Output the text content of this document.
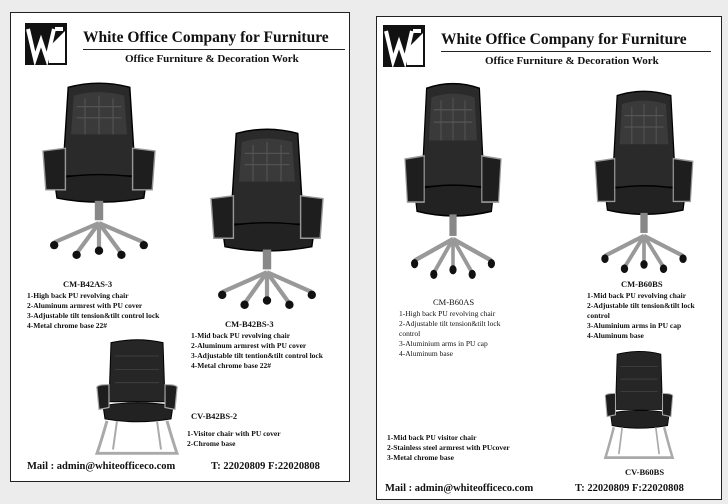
White Office Company for Furniture
Office Furniture & Decoration Work
CM-B42AS-3
1-High back PU revolving chair
2-Aluminum armrest with PU cover
3-Adjustable tilt tension&tilt control lock
4-Metal chrome base 22#	CM-B42BS-3
1-Mid back PU revolving chair
2-Aluminum armrest with PU cover
3-Adjustable tilt tention&tilt control lock
4-Metal chrome base 22#
CV-B42BS-2
1-Visitor chair with PU cover
2-Chrome base
Mail : admin@whiteofficeco.com	T: 22020809 F:22020808
White Office Company for Furniture
Office Furniture & Decoration Work
CM-B60AS
1-High back PU revolving chair
2-Adjustable tilt tension&tilt lock
control
3-Aluminium arms in PU cap
4-Aluminum base
CM-B60BS
1-Mid back PU revolving chair
2-Adjustable tilt tension&tilt lock
control
3-Aluminium arms in PU cap
4-Aluminum base
1-Mid back PU visitor chair
2-Stainless steel armrest with PUcover
3-Metal chrome base
CV-B60BS
Mail : admin@whiteofficeco.com	T: 22020809 F:22020808
